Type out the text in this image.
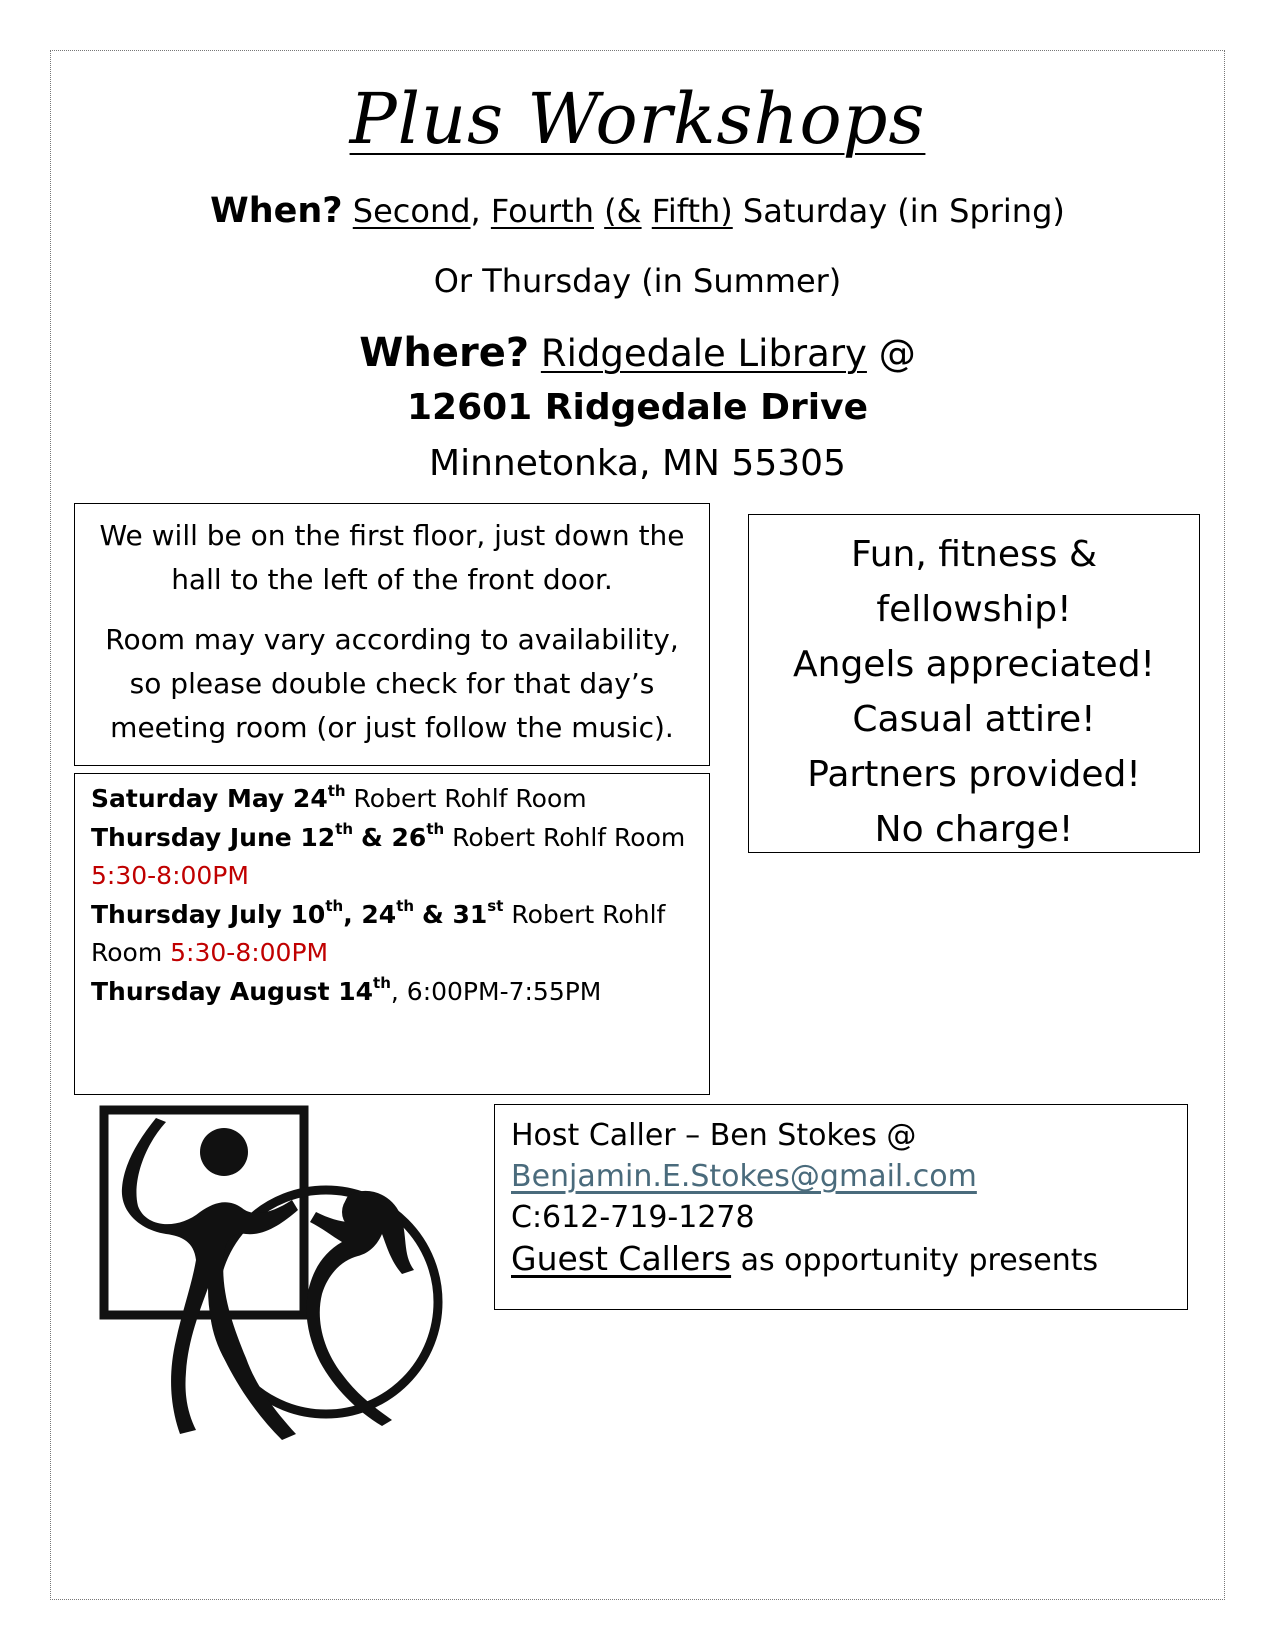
Plus Workshops
When? Second, Fourth (& Fifth) Saturday (in Spring)
Or Thursday (in Summer)
Where? Ridgedale Library @
12601 Ridgedale Drive
Minnetonka, MN 55305

We will be on the first floor, just down the hall to the left of the front door.

Room may vary according to availability, so please double check for that day’s meeting room (or just follow the music).

Fun, fitness &
fellowship!
Angels appreciated!
Casual attire!
Partners provided!
No charge!
Saturday May 24th Robert Rohlf Room
Thursday June 12th & 26th Robert Rohlf Room
5:30-8:00PM
Thursday July 10th, 24th & 31st Robert Rohlf
Room 5:30-8:00PM
Thursday August 14th, 6:00PM-7:55PM
Host Caller – Ben Stokes @
Benjamin.E.Stokes@gmail.com
C:612-719-1278
Guest Callers as opportunity presents
